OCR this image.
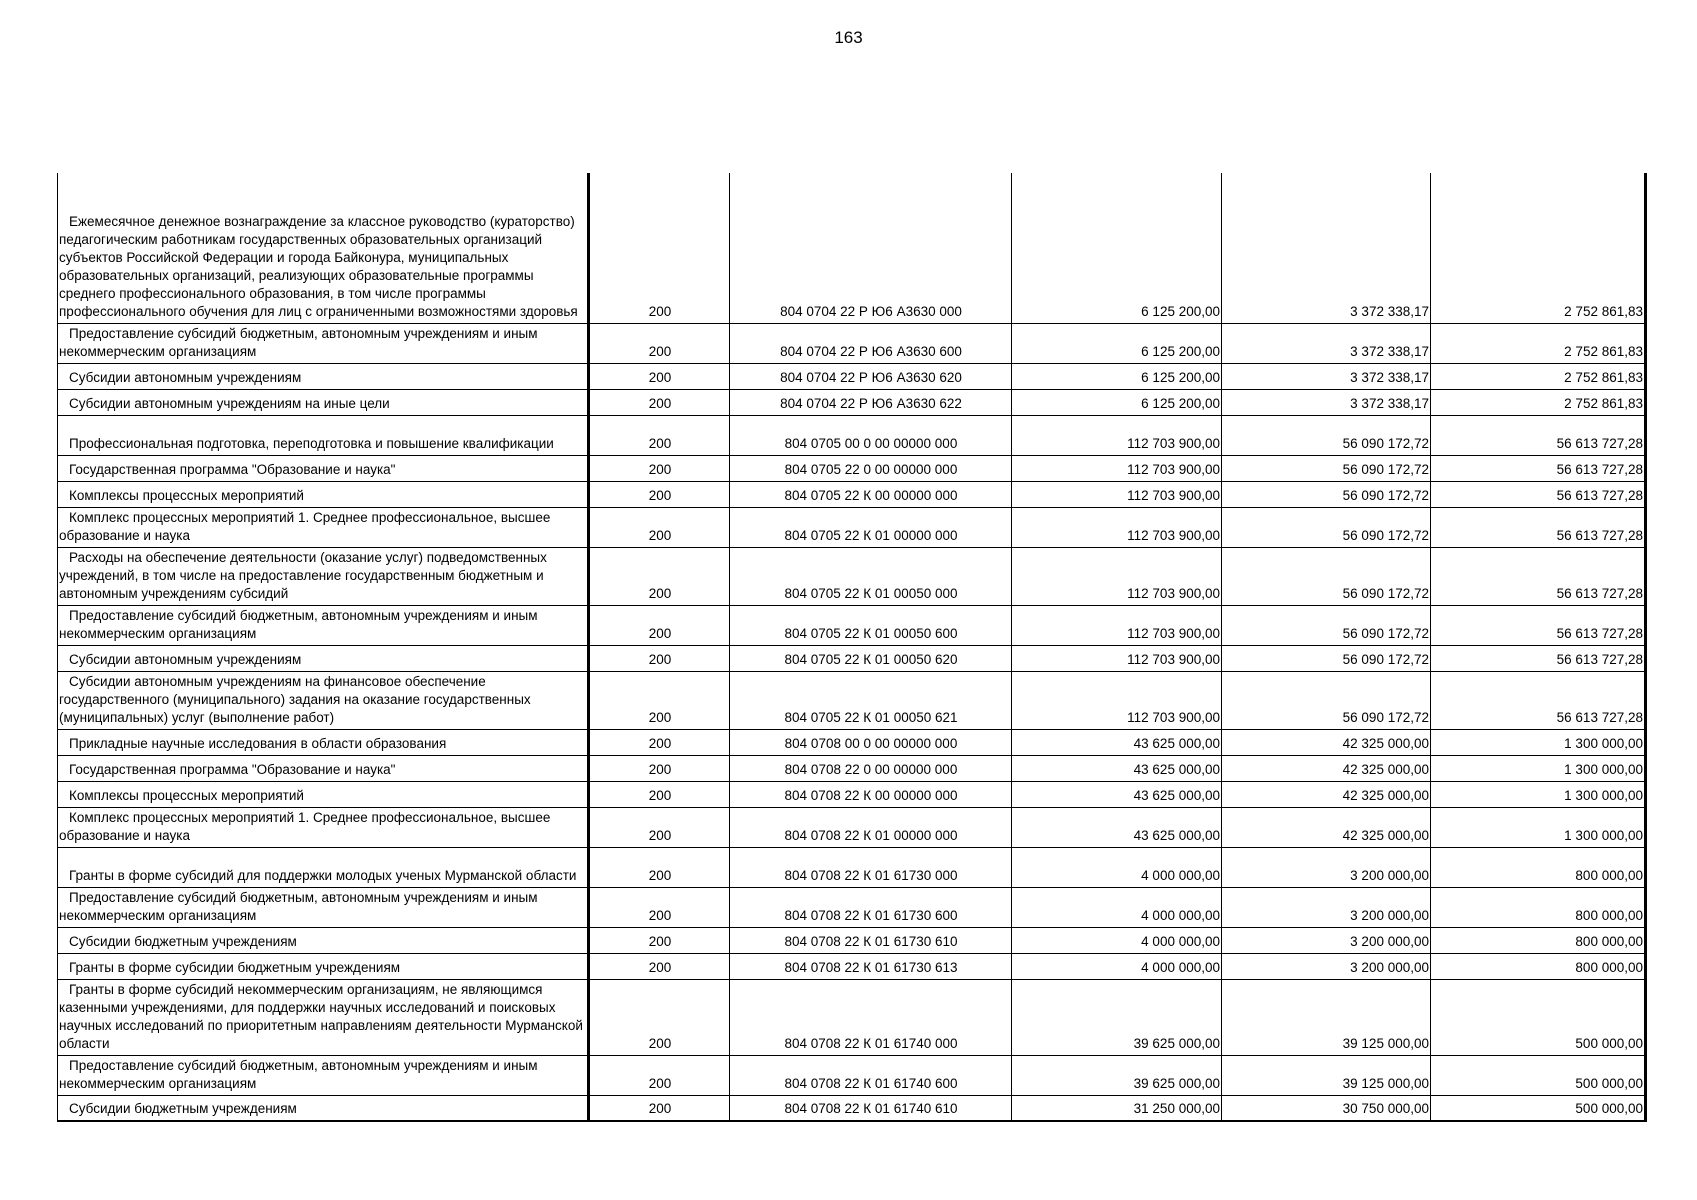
163
Ежемесячное денежное вознаграждение за классное руководство (кураторство) педагогическим работникам государственных образовательных организаций субъектов Российской Федерации и города Байконура, муниципальных образовательных организаций, реализующих образовательные программы среднего профессионального образования, в том числе программы профессионального обучения для лиц с ограниченными возможностями здоровья	200	804 0704 22 Р Ю6 А3630 000	6 125 200,00	3 372 338,17	2 752 861,83
Предоставление субсидий бюджетным, автономным учреждениям и иным некоммерческим организациям	200	804 0704 22 Р Ю6 А3630 600	6 125 200,00	3 372 338,17	2 752 861,83
Субсидии автономным учреждениям	200	804 0704 22 Р Ю6 А3630 620	6 125 200,00	3 372 338,17	2 752 861,83
Субсидии автономным учреждениям на иные цели	200	804 0704 22 Р Ю6 А3630 622	6 125 200,00	3 372 338,17	2 752 861,83
Профессиональная подготовка, переподготовка и повышение квалификации	200	804 0705 00 0 00 00000 000	112 703 900,00	56 090 172,72	56 613 727,28
Государственная программа "Образование и наука"	200	804 0705 22 0 00 00000 000	112 703 900,00	56 090 172,72	56 613 727,28
Комплексы процессных мероприятий	200	804 0705 22 К 00 00000 000	112 703 900,00	56 090 172,72	56 613 727,28
Комплекс процессных мероприятий 1. Среднее профессиональное, высшее образование и наука	200	804 0705 22 К 01 00000 000	112 703 900,00	56 090 172,72	56 613 727,28
Расходы на обеспечение деятельности (оказание услуг) подведомственных учреждений, в том числе на предоставление государственным бюджетным и автономным учреждениям субсидий	200	804 0705 22 К 01 00050 000	112 703 900,00	56 090 172,72	56 613 727,28
Предоставление субсидий бюджетным, автономным учреждениям и иным некоммерческим организациям	200	804 0705 22 К 01 00050 600	112 703 900,00	56 090 172,72	56 613 727,28
Субсидии автономным учреждениям	200	804 0705 22 К 01 00050 620	112 703 900,00	56 090 172,72	56 613 727,28
Субсидии автономным учреждениям на финансовое обеспечение государственного (муниципального) задания на оказание государственных (муниципальных) услуг (выполнение работ)	200	804 0705 22 К 01 00050 621	112 703 900,00	56 090 172,72	56 613 727,28
Прикладные научные исследования в области образования	200	804 0708 00 0 00 00000 000	43 625 000,00	42 325 000,00	1 300 000,00
Государственная программа "Образование и наука"	200	804 0708 22 0 00 00000 000	43 625 000,00	42 325 000,00	1 300 000,00
Комплексы процессных мероприятий	200	804 0708 22 К 00 00000 000	43 625 000,00	42 325 000,00	1 300 000,00
Комплекс процессных мероприятий 1. Среднее профессиональное, высшее образование и наука	200	804 0708 22 К 01 00000 000	43 625 000,00	42 325 000,00	1 300 000,00
Гранты в форме субсидий для поддержки молодых ученых Мурманской области	200	804 0708 22 К 01 61730 000	4 000 000,00	3 200 000,00	800 000,00
Предоставление субсидий бюджетным, автономным учреждениям и иным некоммерческим организациям	200	804 0708 22 К 01 61730 600	4 000 000,00	3 200 000,00	800 000,00
Субсидии бюджетным учреждениям	200	804 0708 22 К 01 61730 610	4 000 000,00	3 200 000,00	800 000,00
Гранты в форме субсидии бюджетным учреждениям	200	804 0708 22 К 01 61730 613	4 000 000,00	3 200 000,00	800 000,00
Гранты в форме субсидий некоммерческим организациям, не являющимся казенными учреждениями, для поддержки научных исследований и поисковых научных исследований по приоритетным направлениям деятельности Мурманской области	200	804 0708 22 К 01 61740 000	39 625 000,00	39 125 000,00	500 000,00
Предоставление субсидий бюджетным, автономным учреждениям и иным некоммерческим организациям	200	804 0708 22 К 01 61740 600	39 625 000,00	39 125 000,00	500 000,00
Субсидии бюджетным учреждениям	200	804 0708 22 К 01 61740 610	31 250 000,00	30 750 000,00	500 000,00
